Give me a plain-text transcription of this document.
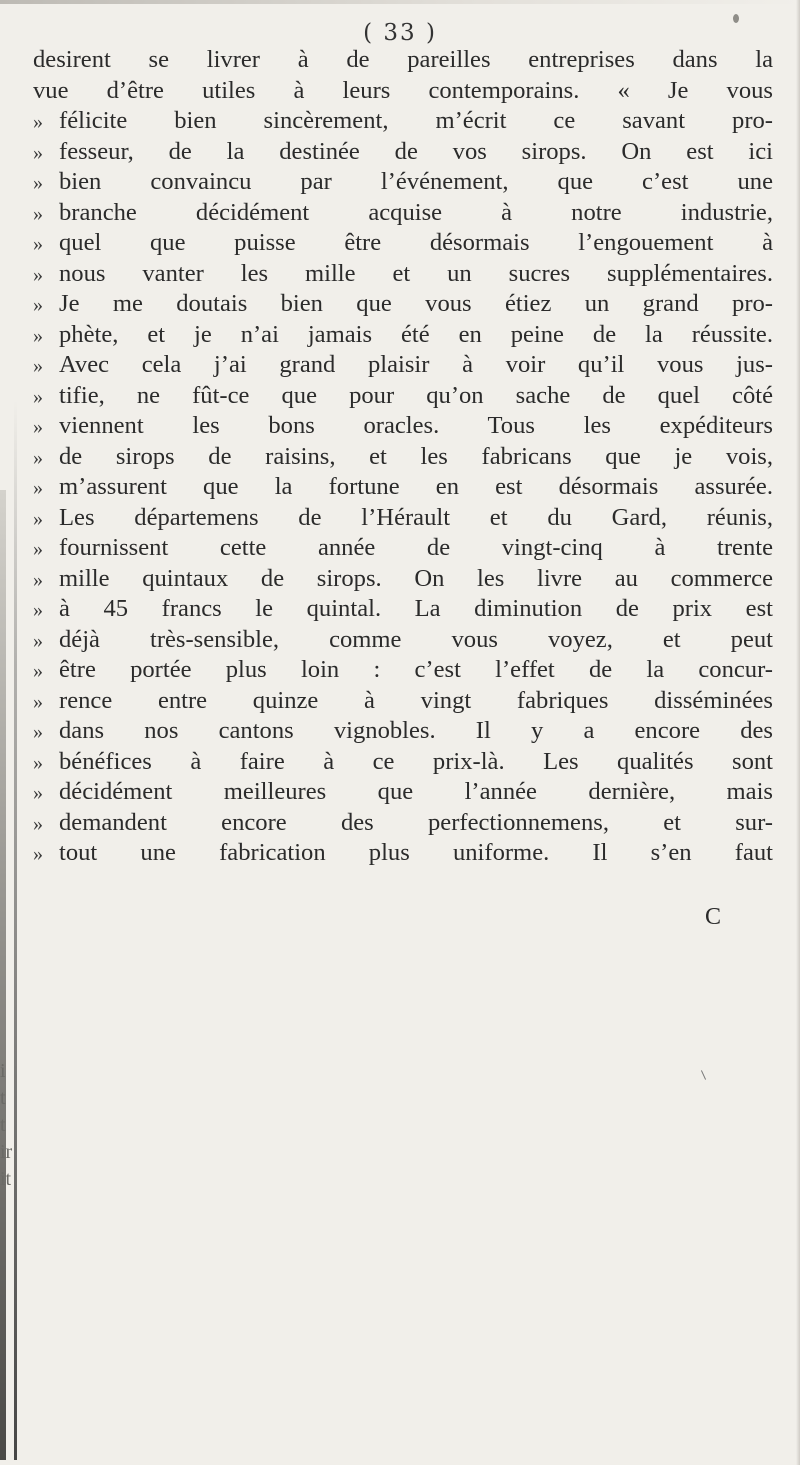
i
t
t
ir
it
( 33 )
desirent se livrer à de pareilles entreprises dans la
vue d’être utiles à leurs contemporains. « Je vous
» félicite bien sincèrement, m’écrit ce savant pro-
» fesseur, de la destinée de vos sirops. On est ici
» bien convaincu par l’événement, que c’est une
» branche décidément acquise à notre industrie,
» quel que puisse être désormais l’engouement à
» nous vanter les mille et un sucres supplémentaires.
» Je me doutais bien que vous étiez un grand pro-
» phète, et je n’ai jamais été en peine de la réussite.
» Avec cela j’ai grand plaisir à voir qu’il vous jus-
» tifie, ne fût-ce que pour qu’on sache de quel côté
» viennent les bons oracles. Tous les expéditeurs
» de sirops de raisins, et les fabricans que je vois,
» m’assurent que la fortune en est désormais assurée.
» Les départemens de l’Hérault et du Gard, réunis,
» fournissent cette année de vingt-cinq à trente
» mille quintaux de sirops. On les livre au commerce
» à 45 francs le quintal. La diminution de prix est
» déjà très-sensible, comme vous voyez, et peut
» être portée plus loin : c’est l’effet de la concur-
» rence entre quinze à vingt fabriques disséminées
» dans nos cantons vignobles. Il y a encore des
» bénéfices à faire à ce prix-là. Les qualités sont
» décidément meilleures que l’année dernière, mais
» demandent encore des perfectionnemens, et sur-
» tout une fabrication plus uniforme. Il s’en faut
C
